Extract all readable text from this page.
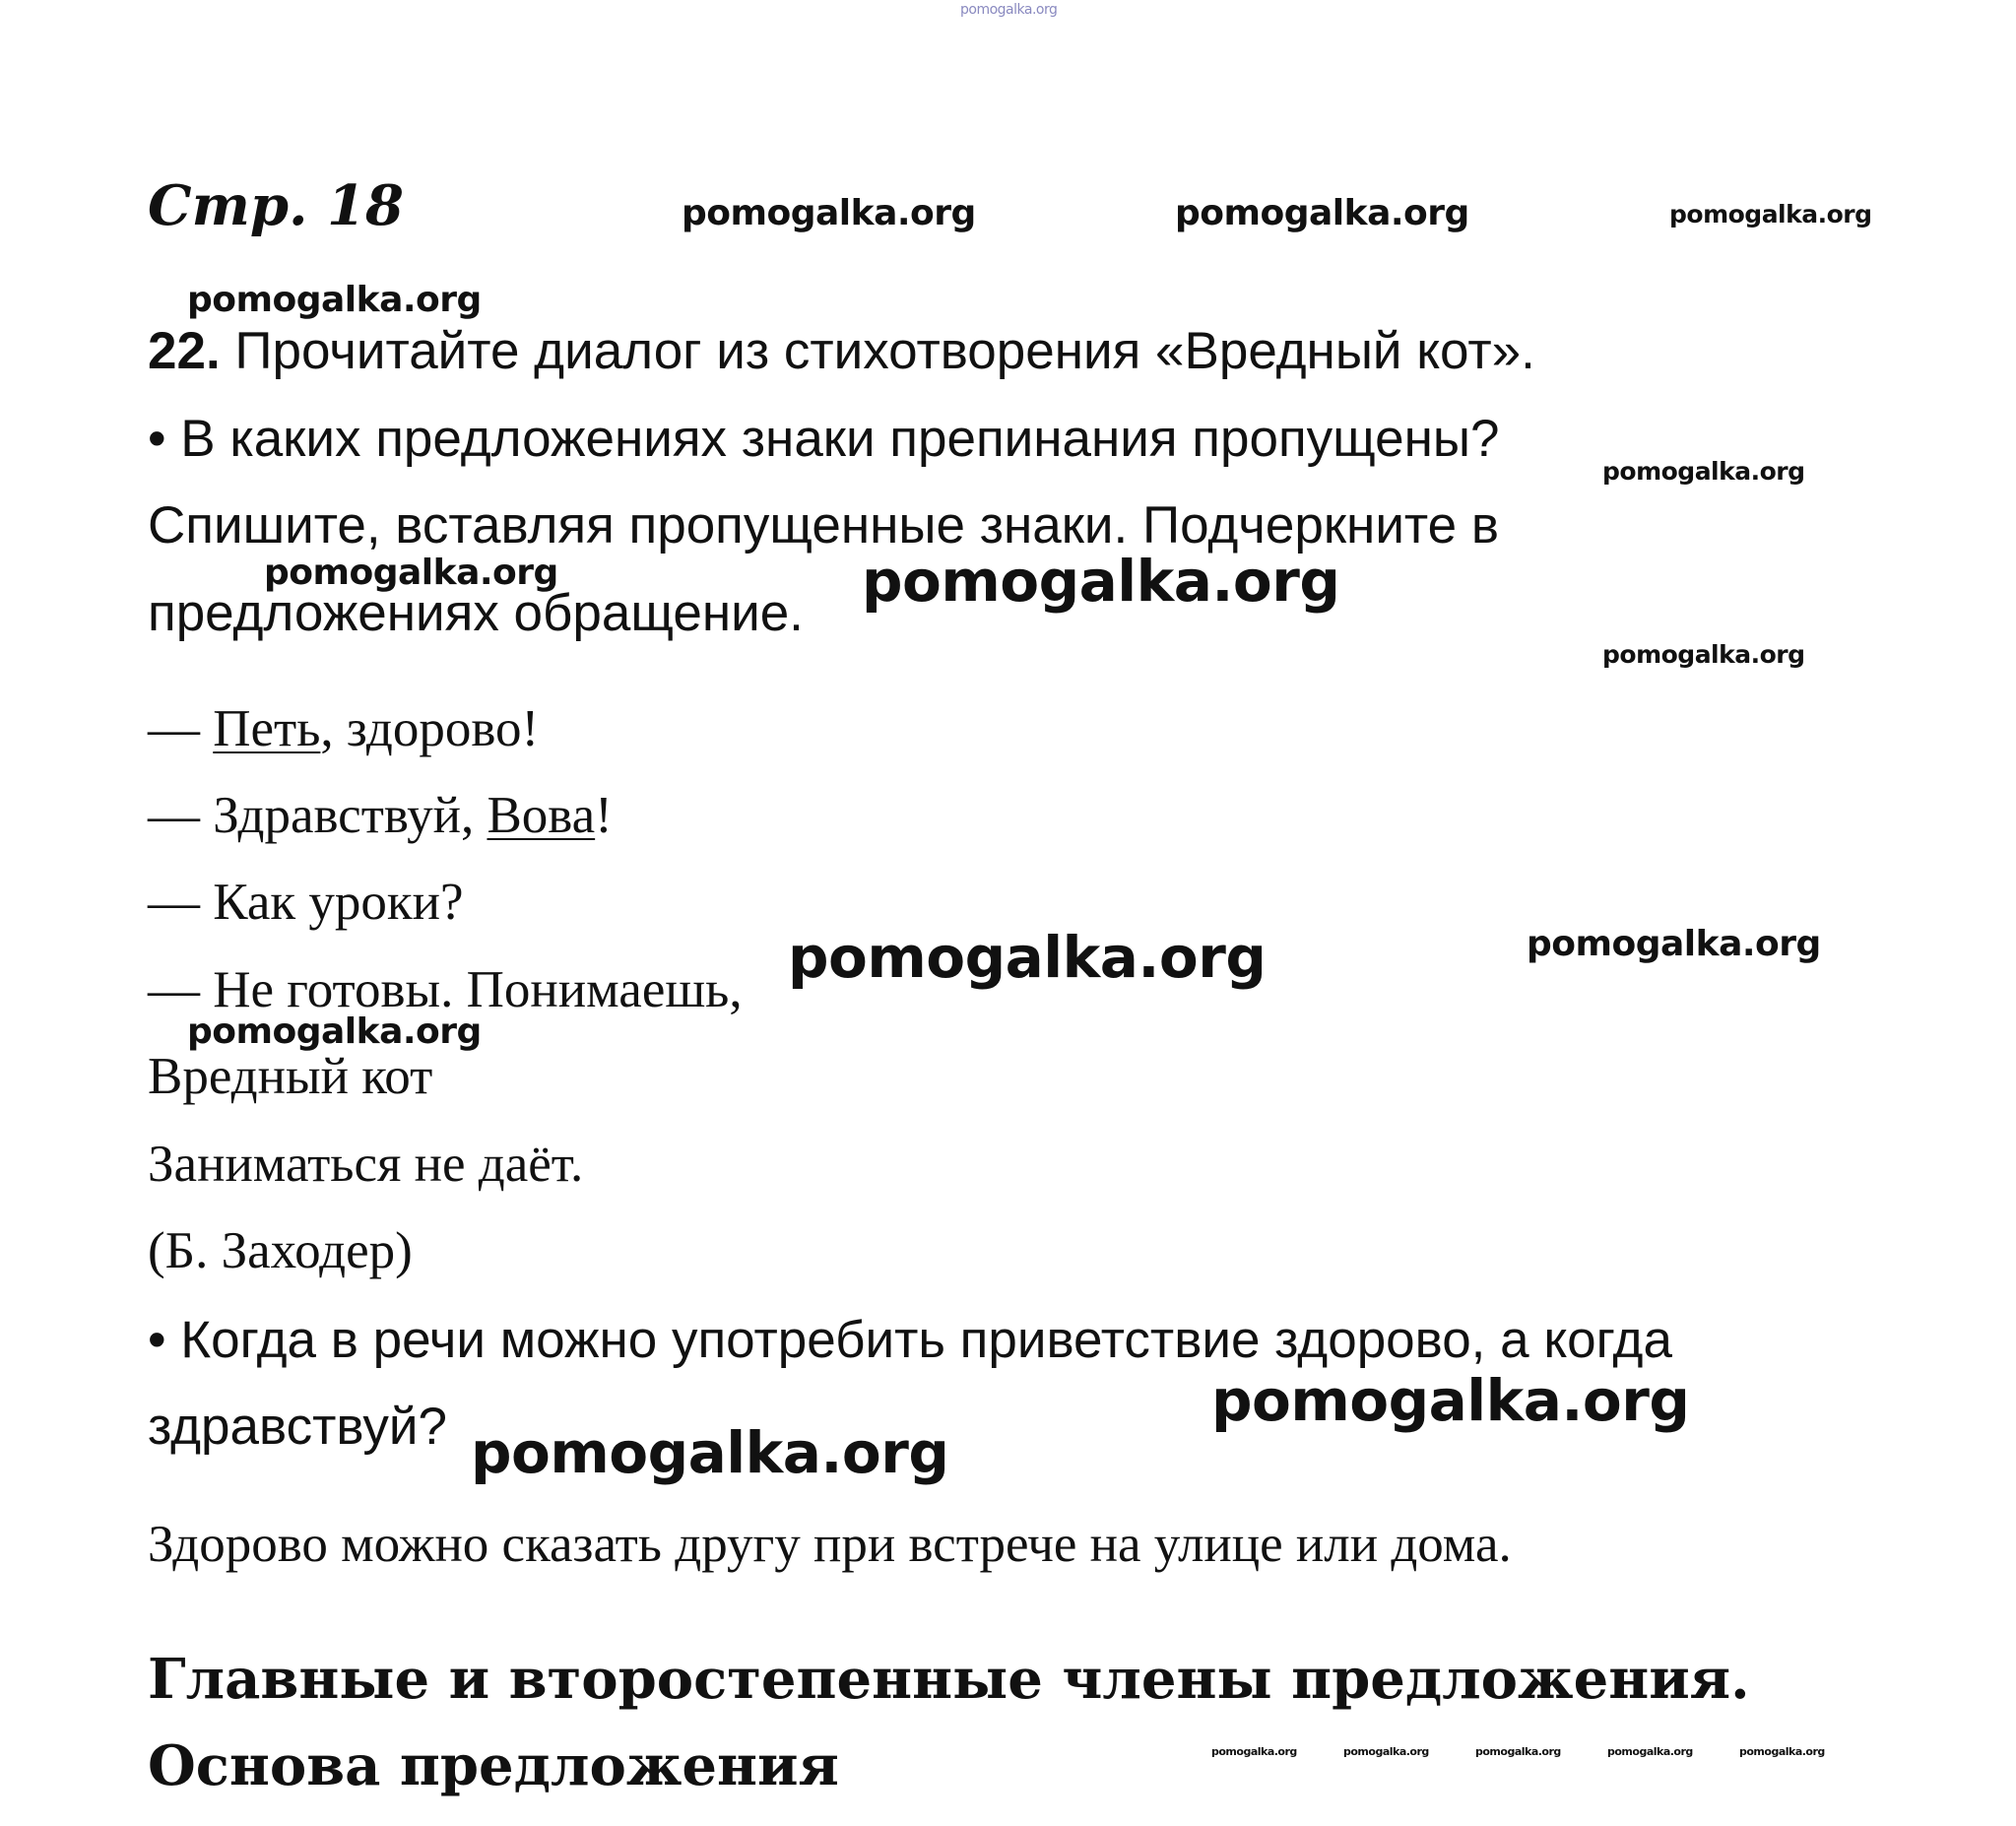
pomogalka.org
Стр. 18	pomogalka.org	pomogalka.org	pomogalka.org
pomogalka.org
22. Прочитайте диалог из стихотворения «Вредный кот».
• В каких предложениях знаки препинания пропущены?
pomogalka.org
Спишите, вставляя пропущенные знаки. Подчеркните в
предложениях обращение.
pomogalka.org	pomogalka.org
pomogalka.org
— Петь, здорово!
— Здравствуй, Вова!
— Как уроки?
pomogalka.org	pomogalka.org
— Не готовы. Понимаешь,
pomogalka.org
Вредный кот
Заниматься не даёт.
(Б. Заходер)
• Когда в речи можно употребить приветствие здорово, а когда
pomogalka.org
здравствуй? pomogalka.org
Здорово можно сказать другу при встрече на улице или дома.
Главные и второстепенные члены предложения.
Основа предложения	pomogalka.org	pomogalka.org	pomogalka.org	pomogalka.org	pomogalka.org
